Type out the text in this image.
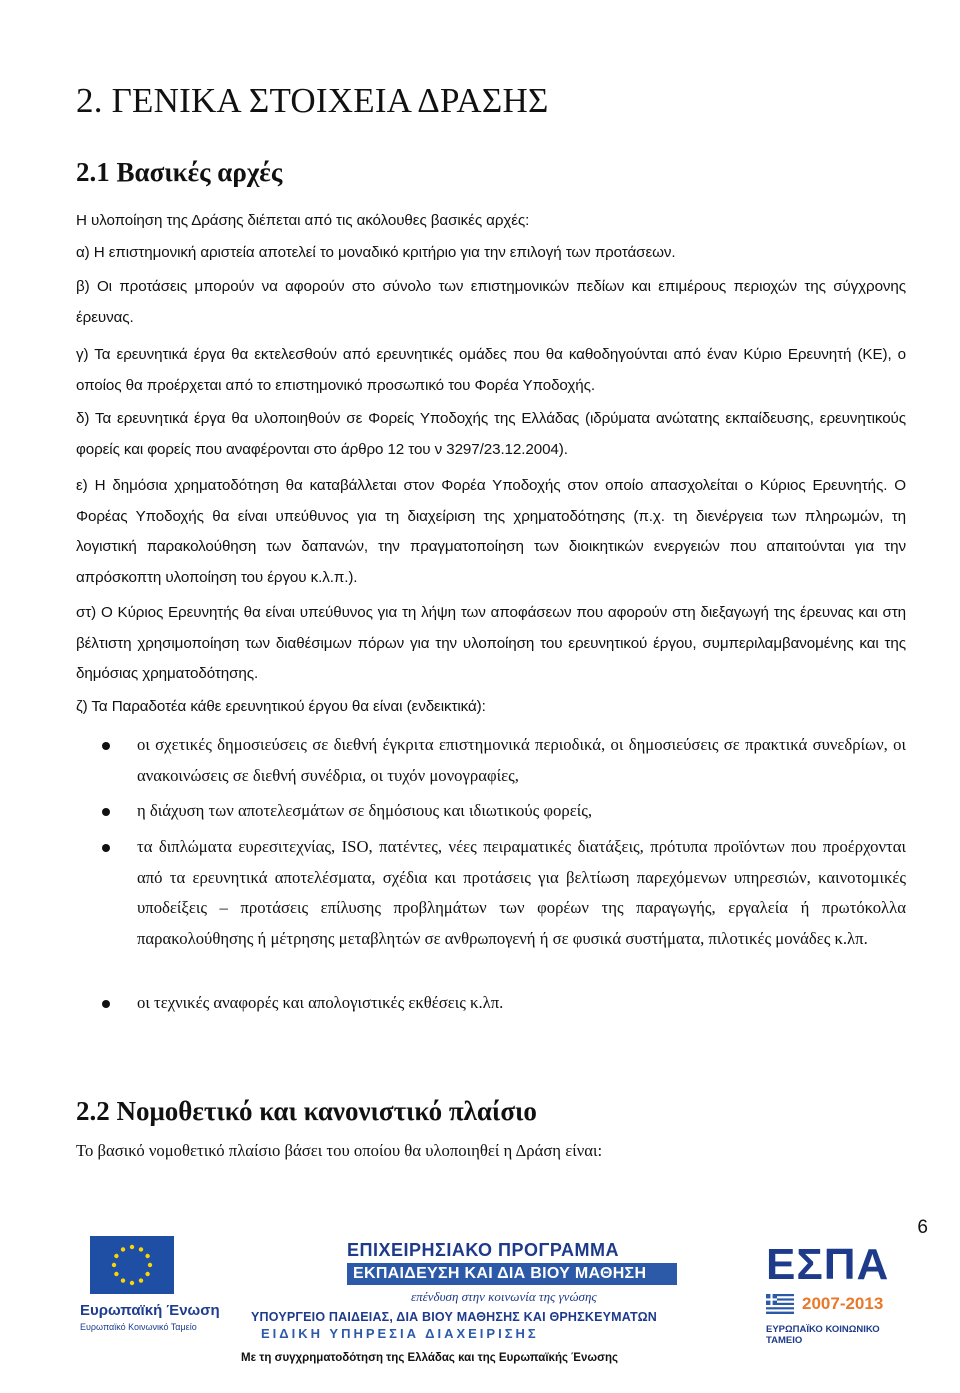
2. ΓΕΝΙΚΑ ΣΤΟΙΧΕΙΑ ΔΡΑΣΗΣ
2.1 Βασικές αρχές
Η υλοποίηση της Δράσης διέπεται από τις ακόλουθες βασικές αρχές:
α) Η επιστημονική αριστεία αποτελεί το μοναδικό κριτήριο για την επιλογή των προτάσεων.
β) Οι προτάσεις μπορούν να αφορούν στο σύνολο των επιστημονικών πεδίων και επιμέρους περιοχών της σύγχρονης έρευνας.
γ) Τα ερευνητικά έργα θα εκτελεσθούν από ερευνητικές ομάδες που θα καθοδηγούνται από έναν Κύριο Ερευνητή (ΚΕ), ο οποίος θα προέρχεται από το επιστημονικό προσωπικό του Φορέα Υποδοχής.
δ) Τα ερευνητικά έργα θα υλοποιηθούν σε Φορείς Υποδοχής της Ελλάδας (ιδρύματα ανώτατης εκπαίδευσης, ερευνητικούς φορείς και φορείς που αναφέρονται στο άρθρο 12 του ν 3297/23.12.2004).
ε) Η δημόσια χρηματοδότηση θα καταβάλλεται στον Φορέα Υποδοχής στον οποίο απασχολείται ο Κύριος Ερευνητής. Ο Φορέας Υποδοχής θα είναι υπεύθυνος για τη διαχείριση της χρηματοδότησης (π.χ. τη διενέργεια των πληρωμών, τη λογιστική παρακολούθηση των δαπανών, την πραγματοποίηση των διοικητικών ενεργειών που απαιτούνται για την απρόσκοπτη υλοποίηση του έργου κ.λ.π.).
στ) Ο Κύριος Ερευνητής θα είναι υπεύθυνος για τη λήψη των αποφάσεων που αφορούν στη διεξαγωγή της έρευνας και στη βέλτιστη χρησιμοποίηση των διαθέσιμων πόρων για την υλοποίηση του ερευνητικού έργου, συμπεριλαμβανομένης και της δημόσιας χρηματοδότησης.
ζ) Τα Παραδοτέα κάθε ερευνητικού έργου θα είναι (ενδεικτικά):
οι σχετικές δημοσιεύσεις σε διεθνή έγκριτα επιστημονικά περιοδικά, οι δημοσιεύσεις σε πρακτικά συνεδρίων, οι ανακοινώσεις σε διεθνή συνέδρια, οι τυχόν μονογραφίες,
η διάχυση των αποτελεσμάτων σε δημόσιους και ιδιωτικούς φορείς,
τα διπλώματα ευρεσιτεχνίας, ISO, πατέντες, νέες πειραματικές διατάξεις, πρότυπα προϊόντων που προέρχονται από τα ερευνητικά αποτελέσματα, σχέδια και προτάσεις για βελτίωση παρεχόμενων υπηρεσιών, καινοτομικές υποδείξεις – προτάσεις επίλυσης προβλημάτων των φορέων της παραγωγής, εργαλεία ή πρωτόκολλα παρακολούθησης ή μέτρησης μεταβλητών σε ανθρωπογενή ή σε φυσικά συστήματα, πιλοτικές μονάδες κ.λπ.
οι τεχνικές αναφορές και απολογιστικές εκθέσεις κ.λπ.
2.2 Νομοθετικό και κανονιστικό πλαίσιο
Το βασικό νομοθετικό πλαίσιο βάσει του οποίου θα υλοποιηθεί η Δράση είναι:
6
Ευρωπαϊκή Ένωση
Ευρωπαϊκό Κοινωνικό Ταμείο
ΕΠΙΧΕΙΡΗΣΙΑΚΟ ΠΡΟΓΡΑΜΜΑ
ΕΚΠΑΙΔΕΥΣΗ ΚΑΙ ΔΙΑ ΒΙΟΥ ΜΑΘΗΣΗ
επένδυση στην κοινωνία της γνώσης
ΥΠΟΥΡΓΕΙΟ ΠΑΙΔΕΙΑΣ, ΔΙΑ ΒΙΟΥ ΜΑΘΗΣΗΣ ΚΑΙ ΘΡΗΣΚΕΥΜΑΤΩΝ
ΕΙΔΙΚΗ ΥΠΗΡΕΣΙΑ ΔΙΑΧΕΙΡΙΣΗΣ
Με τη συγχρηματοδότηση της Ελλάδας και της Ευρωπαϊκής Ένωσης
ΕΣΠΑ
2007-2013
ΕΥΡΩΠΑΪΚΟ ΚΟΙΝΩΝΙΚΟ ΤΑΜΕΙΟ
